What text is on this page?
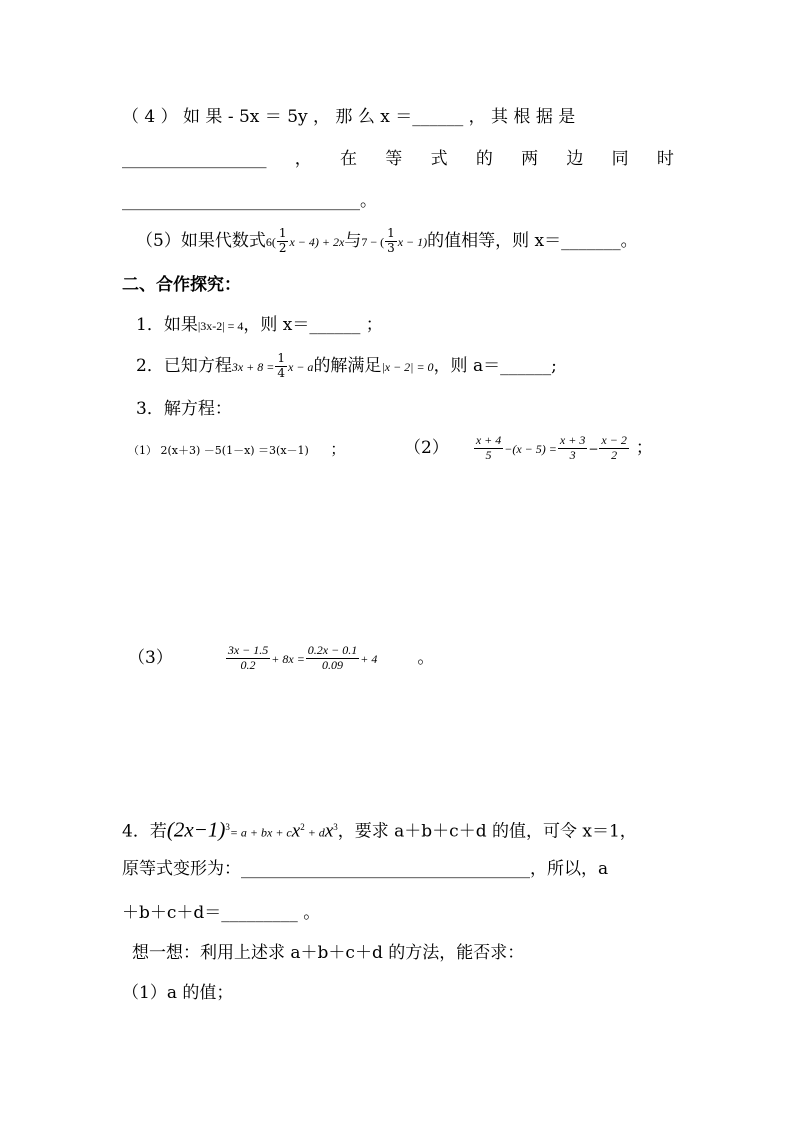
（ 4 ） 如 果 - 5x ＝ 5y ， 那 么 x ＝______ ， 其 根 据 是
_________________ ， 在 等 式 的 两 边 同 时
____________________________。
（5）如果代数式$6( \frac{1}{2}$ x − 4) + 2x与7 − ( $\frac{1}{3}$ x − 1)的值相等，则 x＝_______。
二、合作探究：
1．如果|3x-2| = 4，则 x＝______ ；
2．已知方程$3x + 8 = \frac{1}{4}$ x − a的解满足|x − 2| = 0，则 a＝______;
3．解方程：
（1） 2(x＋3) －5(1－x) ＝3(x－1) ；	$(2) \frac{x + 4}{5} -(x - 5) = \frac{x + 3}{3} - \frac{x - 2}{2}$ ；
（3）	$\frac{3x - 1.5}{0.2} + 8x = \frac{0.2x - 0.1}{0.09} + 4$ 。
4．若$(2x-1)^3= a$ + bx + $cx^2 + dx^3$，要求 a＋b＋c＋d 的值，可令 x＝1，
原等式变形为：__________________________________，所以，a
＋b＋c＋d＝_________ 。
想一想：利用上述求 a＋b＋c＋d 的方法，能否求：
（1）a 的值；
